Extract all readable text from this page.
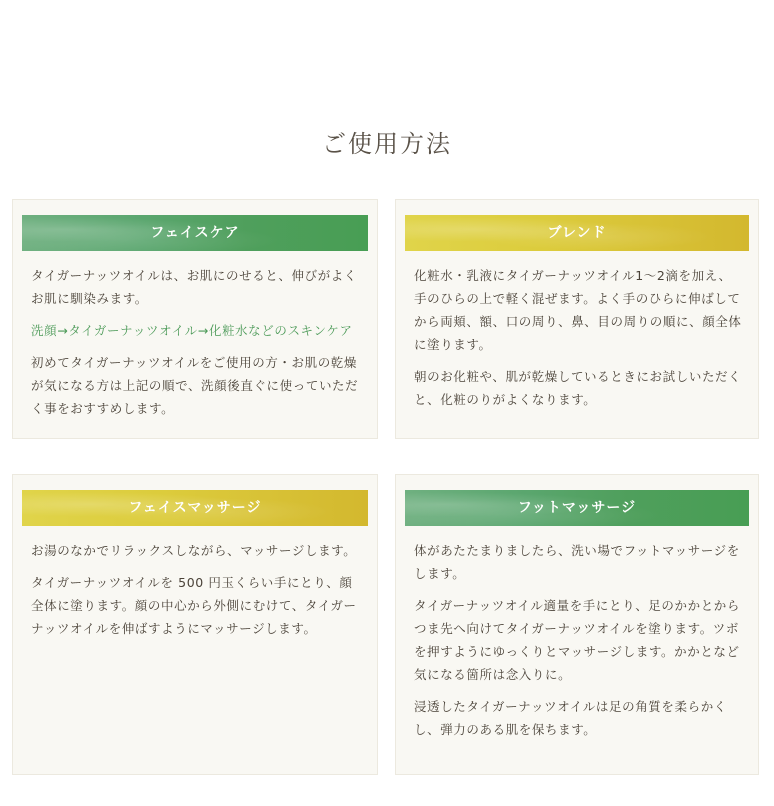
ご使用方法
フェイスケア

タイガーナッツオイルは、お肌にのせると、伸びがよくお肌に馴染みます。

洗顔→タイガーナッツオイル→化粧水などのスキンケア

初めてタイガーナッツオイルをご使用の方・お肌の乾燥が気になる方は上記の順で、洗顔後直ぐに使っていただく事をおすすめします。

ブレンド

化粧水・乳液にタイガーナッツオイル1～2滴を加え、手のひらの上で軽く混ぜます。よく手のひらに伸ばしてから両頬、額、口の周り、鼻、目の周りの順に、顔全体に塗ります。

朝のお化粧や、肌が乾燥しているときにお試しいただくと、化粧のりがよくなります。

フェイスマッサージ

お湯のなかでリラックスしながら、マッサージします。

タイガーナッツオイルを 500 円玉くらい手にとり、顔全体に塗ります。顔の中心から外側にむけて、タイガーナッツオイルを伸ばすようにマッサージします。

フットマッサージ

体があたたまりましたら、洗い場でフットマッサージをします。

タイガーナッツオイル適量を手にとり、足のかかとからつま先へ向けてタイガーナッツオイルを塗ります。ツボを押すようにゆっくりとマッサージします。かかとなど気になる箇所は念入りに。

浸透したタイガーナッツオイルは足の角質を柔らかくし、弾力のある肌を保ちます。
